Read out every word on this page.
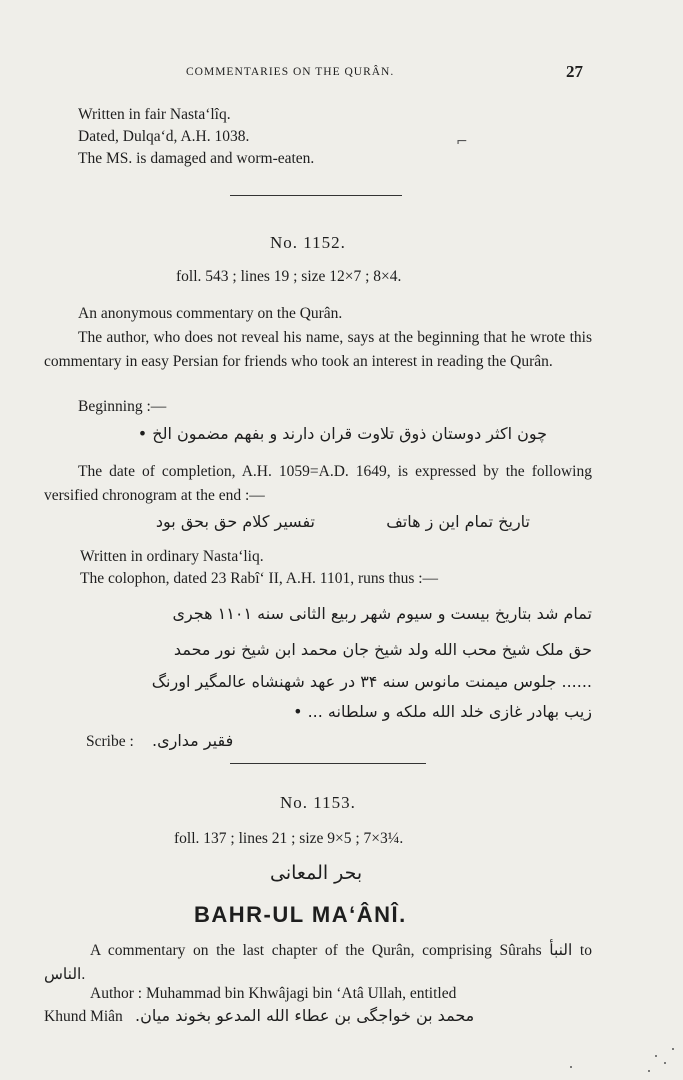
COMMENTARIES ON THE QURÂN.	27
Written in fair Nasta‘lîq.
Dated, Dulqa‘d, A.H. 1038.
The MS. is damaged and worm-eaten.
⌐
No. 1152.
foll. 543 ; lines 19 ; size 12×7 ; 8×4.
An anonymous commentary on the Qurân.
The author, who does not reveal his name, says at the beginning that he wrote this commentary in easy Persian for friends who took an interest in reading the Qurân.
Beginning :—
چون اکثر دوستان ذوق تلاوت قران دارند و بفهم مضمون الخ •
The date of completion, A.H. 1059=A.D. 1649, is expressed by the following versified chronogram at the end :—
تاریخ تمام این ز هاتف
تفسیر کلام حق بحق بود
Written in ordinary Nasta‘liq.
The colophon, dated 23 Rabî‘ II, A.H. 1101, runs thus :—
تمام شد بتاریخ بیست و سیوم شهر ربیع الثانی سنه ۱۱۰۱ هجری
حق ملک شیخ محب الله ولد شیخ جان محمد ابن شیخ نور محمد
...... جلوس میمنت مانوس سنه ۳۴ در عهد شهنشاه عالمگیر اورنگ
زیب بهادر غازی خلد الله ملکه و سلطانه ... •
Scribe : فقیر مداری.
No. 1153.
foll. 137 ; lines 21 ; size 9×5 ; 7×3¼.
بحر المعانی
BAHR-UL MA‘ÂNÎ.
A commentary on the last chapter of the Qurân, comprising Sûrahs النبأ to الناس.
Author : Muhammad bin Khwâjagi bin ‘Atâ Ullah, entitled
Khund Miân محمد بن خواجگی بن عطاء الله المدعو بخوند میان.
